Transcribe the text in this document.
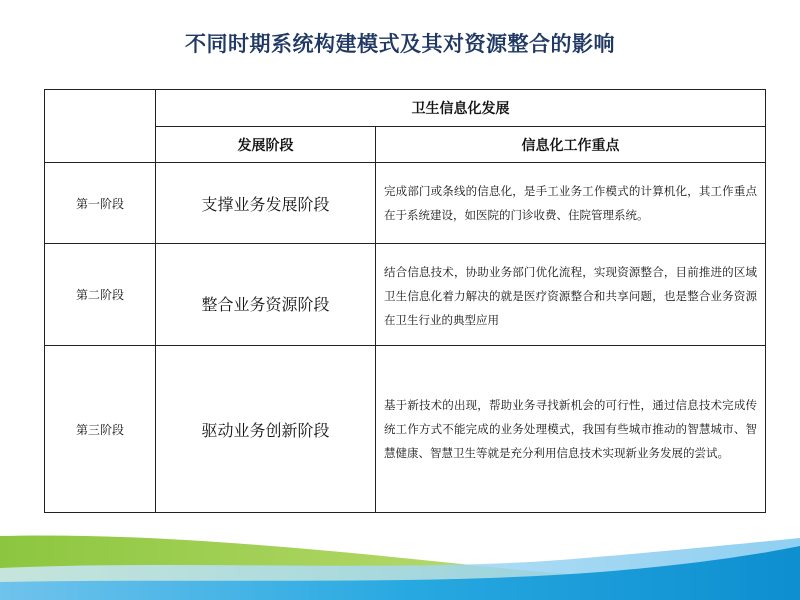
不同时期系统构建模式及其对资源整合的影响
	卫生信息化发展	
	发展阶段	信息化工作重点
第一阶段	支撑业务发展阶段	完成部门或条线的信息化，是手工业务工作模式的计算机化，其工作重点在于系统建设，如医院的门诊收费、住院管理系统。
第二阶段	整合业务资源阶段	结合信息技术，协助业务部门优化流程，实现资源整合，目前推进的区域卫生信息化着力解决的就是医疗资源整合和共享问题，也是整合业务资源在卫生行业的典型应用
第三阶段	驱动业务创新阶段	基于新技术的出现，帮助业务寻找新机会的可行性，通过信息技术完成传统工作方式不能完成的业务处理模式，我国有些城市推动的智慧城市、智慧健康、智慧卫生等就是充分利用信息技术实现新业务发展的尝试。
